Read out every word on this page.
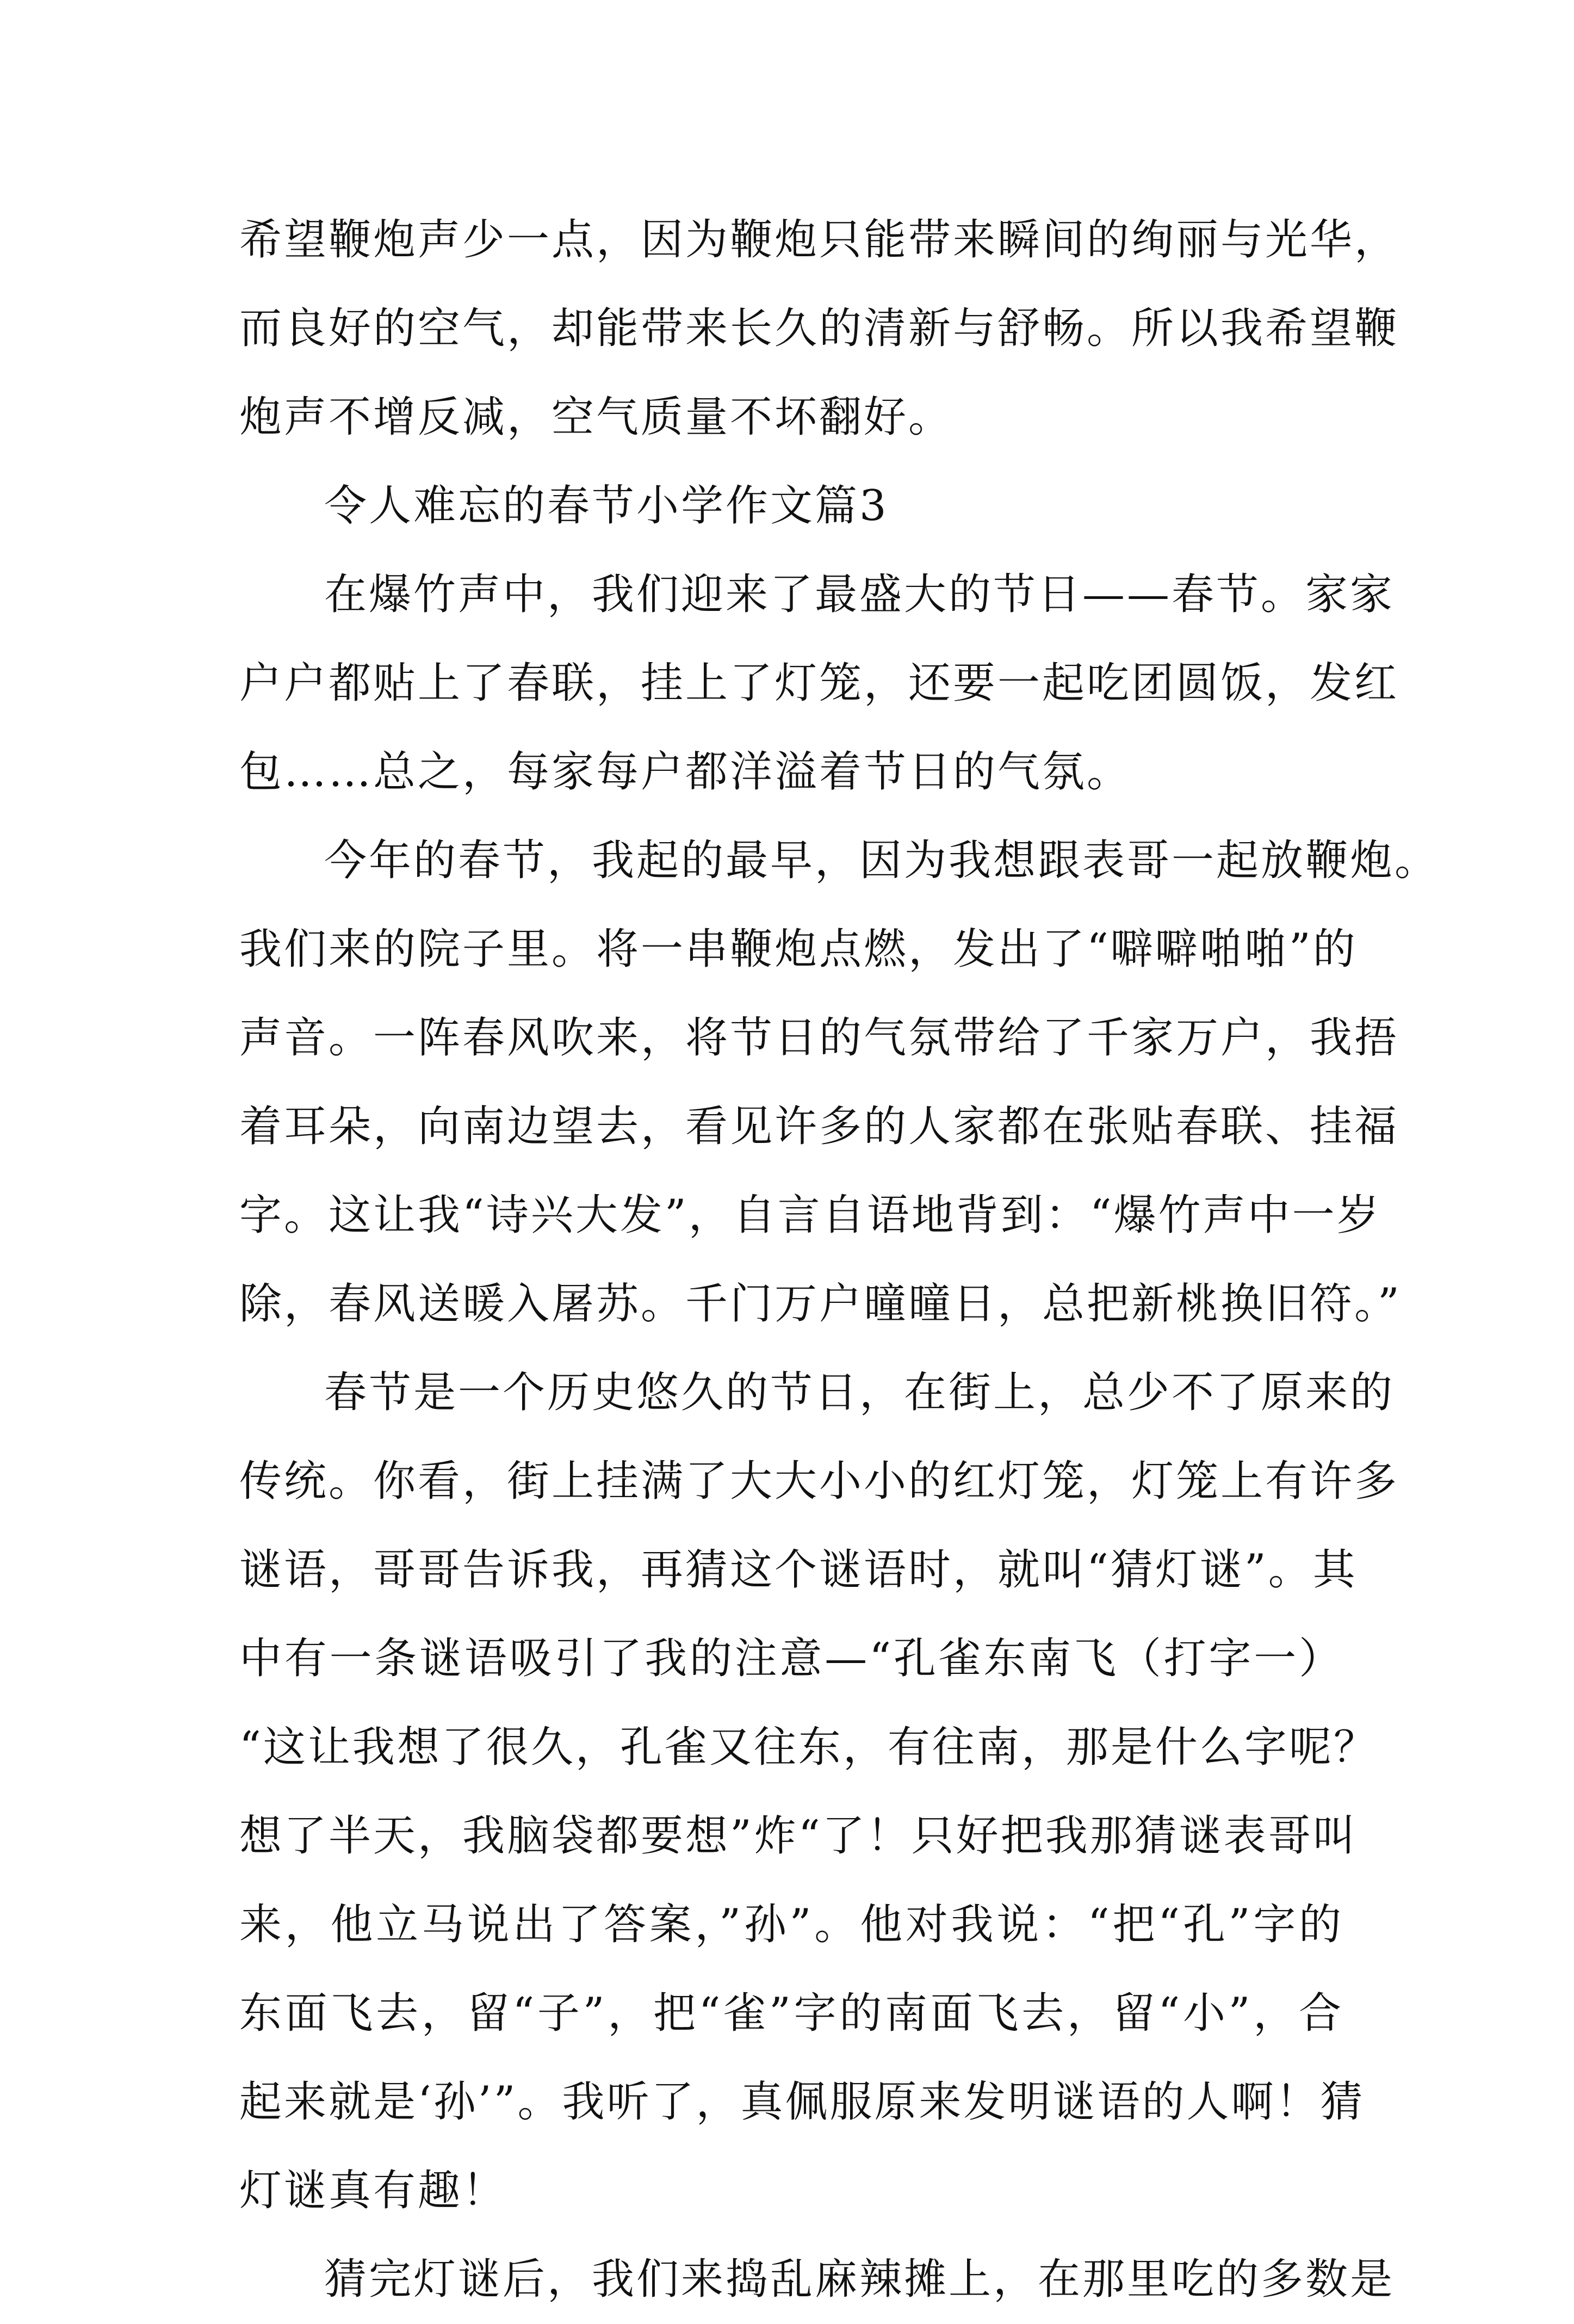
希望鞭炮声少一点，因为鞭炮只能带来瞬间的绚丽与光华，
而良好的空气，却能带来长久的清新与舒畅。所以我希望鞭
炮声不增反减，空气质量不坏翻好。
令人难忘的春节小学作文篇3
在爆竹声中，我们迎来了最盛大的节日——春节。家家
户户都贴上了春联，挂上了灯笼，还要一起吃团圆饭，发红
包……总之，每家每户都洋溢着节日的气氛。
今年的春节，我起的最早，因为我想跟表哥一起放鞭炮。
我们来的院子里。将一串鞭炮点燃，发出了“噼噼啪啪”的
声音。一阵春风吹来，将节日的气氛带给了千家万户，我捂
着耳朵，向南边望去，看见许多的人家都在张贴春联、挂福
字。这让我“诗兴大发”，自言自语地背到：“爆竹声中一岁
除，春风送暖入屠苏。千门万户曈曈日，总把新桃换旧符。”
春节是一个历史悠久的节日，在街上，总少不了原来的
传统。你看，街上挂满了大大小小的红灯笼，灯笼上有许多
谜语，哥哥告诉我，再猜这个谜语时，就叫“猜灯谜”。其
中有一条谜语吸引了我的注意—“孔雀东南飞（打字一）
“这让我想了很久，孔雀又往东，有往南，那是什么字呢？
想了半天，我脑袋都要想”炸“了！只好把我那猜谜表哥叫
来，他立马说出了答案，”孙”。他对我说：“把“孔”字的
东面飞去，留“子”，把“雀”字的南面飞去，留“小”，合
起来就是‘孙’”。我听了，真佩服原来发明谜语的人啊！猜
灯谜真有趣！
猜完灯谜后，我们来捣乱麻辣摊上，在那里吃的多数是
